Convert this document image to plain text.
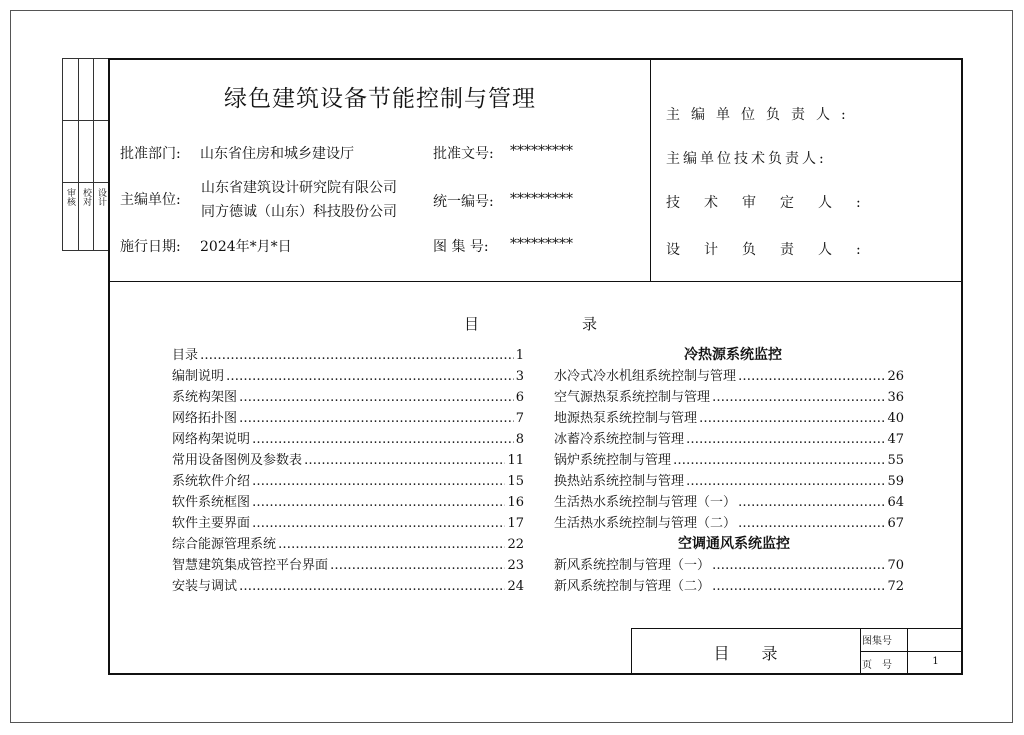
审核 校对 设计
绿色建筑设备节能控制与管理
批准部门: 山东省住房和城乡建设厅
主编单位:
山东省建筑设计研究院有限公司
同方德诚（山东）科技股份公司
施行日期: 2024年*月*日
批准文号: *********
统一编号: *********
图 集 号: *********
主编单位负责人:
主编单位技术负责人:
技术审定人:
设计负责人:
目	录
目录 ………………………………………………………………………………………………………………………………………………	1
编制说明 ………………………………………………………………………………………………………………………………………………	3
系统构架图 ………………………………………………………………………………………………………………………………………………	6
网络拓扑图 ………………………………………………………………………………………………………………………………………………	7
网络构架说明 ………………………………………………………………………………………………………………………………………………	8
常用设备图例及参数表 ………………………………………………………………………………………………………………………………………………	11
系统软件介绍 ………………………………………………………………………………………………………………………………………………	15
软件系统框图 ………………………………………………………………………………………………………………………………………………	16
软件主要界面 ………………………………………………………………………………………………………………………………………………	17
综合能源管理系统 ………………………………………………………………………………………………………………………………………………	22
智慧建筑集成管控平台界面 ………………………………………………………………………………………………………………………………………………	23
安装与调试 ………………………………………………………………………………………………………………………………………………	24
冷热源系统监控
水冷式冷水机组系统控制与管理 ………………………………………………………………………………………………………………………………………………	26
空气源热泵系统控制与管理 ………………………………………………………………………………………………………………………………………………	36
地源热泵系统控制与管理 ………………………………………………………………………………………………………………………………………………	40
冰蓄冷系统控制与管理 ………………………………………………………………………………………………………………………………………………	47
锅炉系统控制与管理 ………………………………………………………………………………………………………………………………………………	55
换热站系统控制与管理 ………………………………………………………………………………………………………………………………………………	59
生活热水系统控制与管理（一） ………………………………………………………………………………………………………………………………………………	64
生活热水系统控制与管理（二） ………………………………………………………………………………………………………………………………………………	67
空调通风系统监控
新风系统控制与管理（一） ………………………………………………………………………………………………………………………………………………	70
新风系统控制与管理（二） ………………………………………………………………………………………………………………………………………………	72
目　　录
图集号
页　号	1
